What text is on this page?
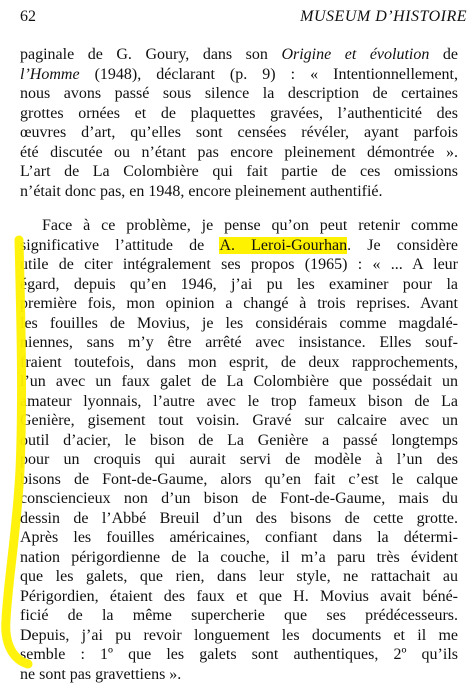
62	MUSEUM D’HISTOIRE
paginale de G. Goury, dans son Origine et évolution de
l’Homme (1948), déclarant (p. 9) : « Intentionnellement,
nous avons passé sous silence la description de certaines
grottes ornées et de plaquettes gravées, l’authenticité des
œuvres d’art, qu’elles sont censées révéler, ayant parfois
été discutée ou n’étant pas encore pleinement démontrée ».
L’art de La Colombière qui fait partie de ces omissions
n’était donc pas, en 1948, encore pleinement authentifié.
Face à ce problème, je pense qu’on peut retenir comme
significative l’attitude de A. Leroi-Gourhan. Je considère
utile de citer intégralement ses propos (1965) : « ... A leur
égard, depuis qu’en 1946, j’ai pu les examiner pour la
première fois, mon opinion a changé à trois reprises. Avant
les fouilles de Movius, je les considérais comme magdalé-
niennes, sans m’y être arrêté avec insistance. Elles souf-
fraient toutefois, dans mon esprit, de deux rapprochements,
l’un avec un faux galet de La Colombière que possédait un
amateur lyonnais, l’autre avec le trop fameux bison de La
Genière, gisement tout voisin. Gravé sur calcaire avec un
outil d’acier, le bison de La Genière a passé longtemps
pour un croquis qui aurait servi de modèle à l’un des
bisons de Font-de-Gaume, alors qu’en fait c’est le calque
consciencieux non d’un bison de Font-de-Gaume, mais du
dessin de l’Abbé Breuil d’un des bisons de cette grotte.
Après les fouilles américaines, confiant dans la détermi-
nation périgordienne de la couche, il m’a paru très évident
que les galets, que rien, dans leur style, ne rattachait au
Périgordien, étaient des faux et que H. Movius avait béné-
ficié de la même supercherie que ses prédécesseurs.
Depuis, j’ai pu revoir longuement les documents et il me
semble : 1º que les galets sont authentiques, 2º qu’ils
ne sont pas gravettiens ».
